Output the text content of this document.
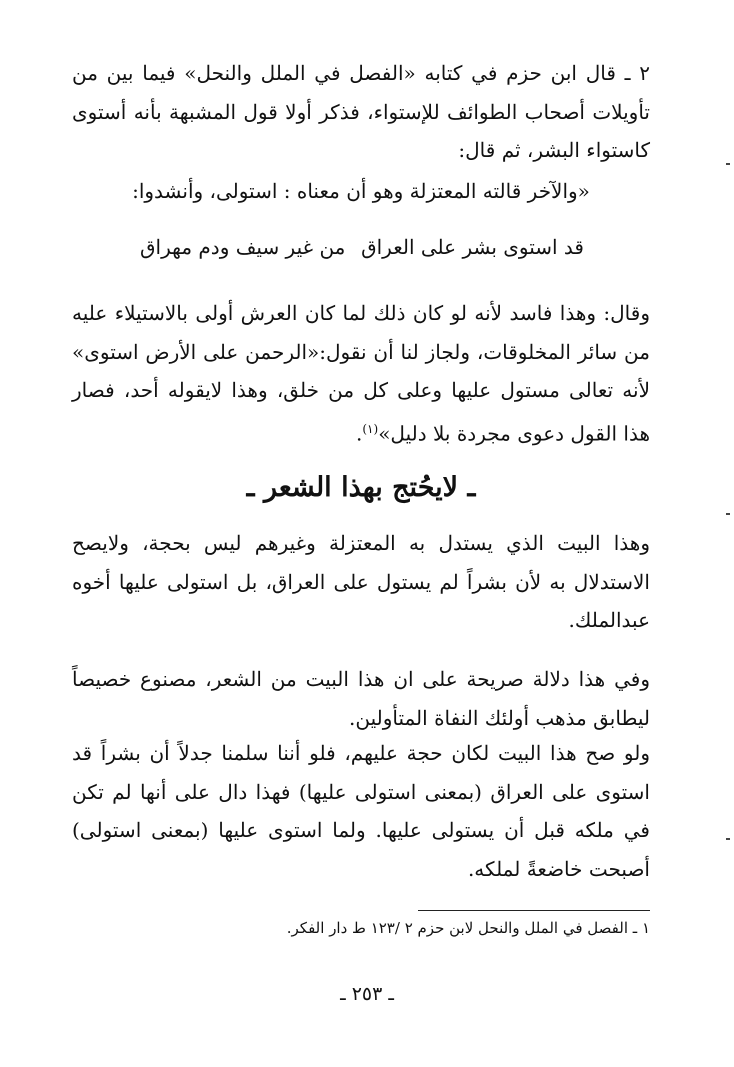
٢ ـ قال ابن حزم في كتابه «الفصل في الملل والنحل» فيما بين من تأويلات أصحاب الطوائف للإستواء، فذكر أولا قول المشبهة بأنه أستوى كاستواء البشر، ثم قال:

«والآخر قالته المعتزلة وهو أن معناه : استولى، وأنشدوا:

قد استوى بشر على العراق
من غير سيف ودم مهراق

وقال: وهذا فاسد لأنه لو كان ذلك لما كان العرش أولى بالاستيلاء عليه من سائر المخلوقات، ولجاز لنا أن نقول:«الرحمن على الأرض استوى» لأنه تعالى مستول عليها وعلى كل من خلق، وهذا لايقوله أحد، فصار هذا القول دعوى مجردة بلا دليل»$^{(١)}$.

ـ لايحُتج بهذا الشعر ـ

وهذا البيت الذي يستدل به المعتزلة وغيرهم ليس بحجة، ولايصح الاستدلال به لأن بشراً لم يستول على العراق، بل استولى عليها أخوه عبدالملك.

وفي هذا دلالة صريحة على ان هذا البيت من الشعر، مصنوع خصيصاً ليطابق مذهب أولئك النفاة المتأولين.

ولو صح هذا البيت لكان حجة عليهم، فلو أننا سلمنا جدلاً أن بشراً قد استوى على العراق (بمعنى استولى عليها) فهذا دال على أنها لم تكن في ملكه قبل أن يستولى عليها. ولما استوى عليها (بمعنى استولى) أصبحت خاضعةً لملكه.

١ ـ الفصل في الملل والنحل لابن حزم ٢ /١٢٣ ط دار الفكر.

ـ ٢٥٣ ـ
